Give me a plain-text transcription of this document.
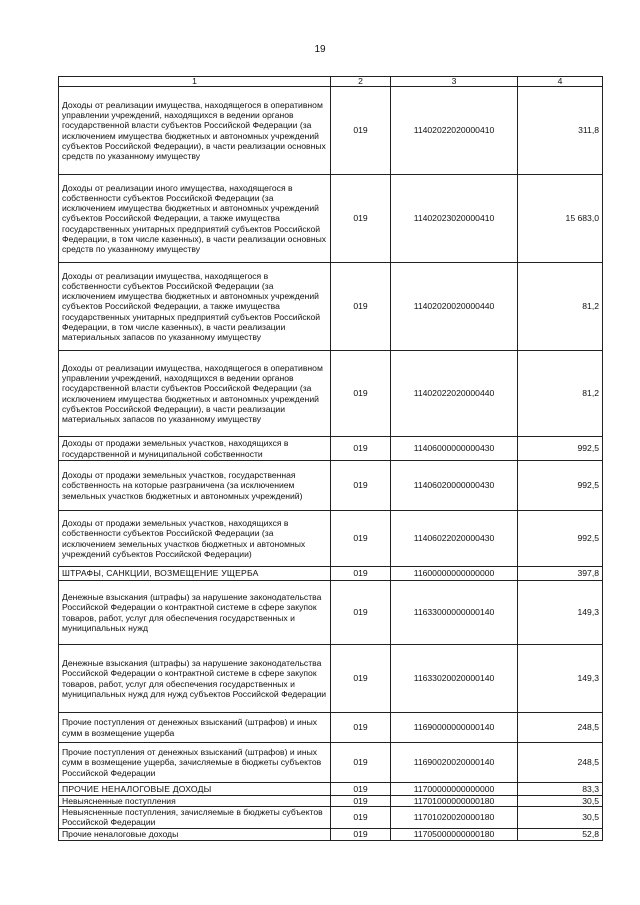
19
1	2	3	4
Доходы от реализации имущества, находящегося в оперативном управлении учреждений, находящихся в ведении органов государственной власти субъектов Российской Федерации (за исключением имущества бюджетных и автономных учреждений субъектов Российской Федерации), в части реализации основных средств по указанному имуществу	019	11402022020000410	311,8
Доходы от реализации иного имущества, находящегося в собственности субъектов Российской Федерации (за исключением имущества бюджетных и автономных учреждений субъектов Российской Федерации, а также имущества государственных унитарных предприятий субъектов Российской Федерации, в том числе казенных), в части реализации основных средств по указанному имуществу	019	11402023020000410	15 683,0
Доходы от реализации имущества, находящегося в собственности субъектов Российской Федерации (за исключением имущества бюджетных и автономных учреждений субъектов Российской Федерации, а также имущества государственных унитарных предприятий субъектов Российской Федерации, в том числе казенных), в части реализации материальных запасов по указанному имуществу	019	11402020020000440	81,2
Доходы от реализации имущества, находящегося в оперативном управлении учреждений, находящихся в ведении органов государственной власти субъектов Российской Федерации (за исключением имущества бюджетных и автономных учреждений субъектов Российской Федерации), в части реализации материальных запасов по указанному имуществу	019	11402022020000440	81,2
Доходы от продажи земельных участков, находящихся в государственной и муниципальной собственности	019	11406000000000430	992,5
Доходы от продажи земельных участков, государственная собственность на которые разграничена (за исключением земельных участков бюджетных и автономных учреждений)	019	11406020000000430	992,5
Доходы от продажи земельных участков, находящихся в собственности субъектов Российской Федерации (за исключением земельных участков бюджетных и автономных учреждений субъектов Российской Федерации)	019	11406022020000430	992,5
ШТРАФЫ, САНКЦИИ, ВОЗМЕЩЕНИЕ УЩЕРБА	019	11600000000000000	397,8
Денежные взыскания (штрафы) за нарушение законодательства Российской Федерации о контрактной системе в сфере закупок товаров, работ, услуг для обеспечения государственных и муниципальных нужд	019	11633000000000140	149,3
Денежные взыскания (штрафы) за нарушение законодательства Российской Федерации о контрактной системе в сфере закупок товаров, работ, услуг для обеспечения государственных и муниципальных нужд для нужд субъектов Российской Федерации	019	11633020020000140	149,3
Прочие поступления от денежных взысканий (штрафов) и иных сумм в возмещение ущерба	019	11690000000000140	248,5
Прочие поступления от денежных взысканий (штрафов) и иных сумм в возмещение ущерба, зачисляемые в бюджеты субъектов Российской Федерации	019	11690020020000140	248,5
ПРОЧИЕ НЕНАЛОГОВЫЕ ДОХОДЫ	019	11700000000000000	83,3
Невыясненные поступления	019	11701000000000180	30,5
Невыясненные поступления, зачисляемые в бюджеты субъектов Российской Федерации	019	11701020020000180	30,5
Прочие неналоговые доходы	019	11705000000000180	52,8
